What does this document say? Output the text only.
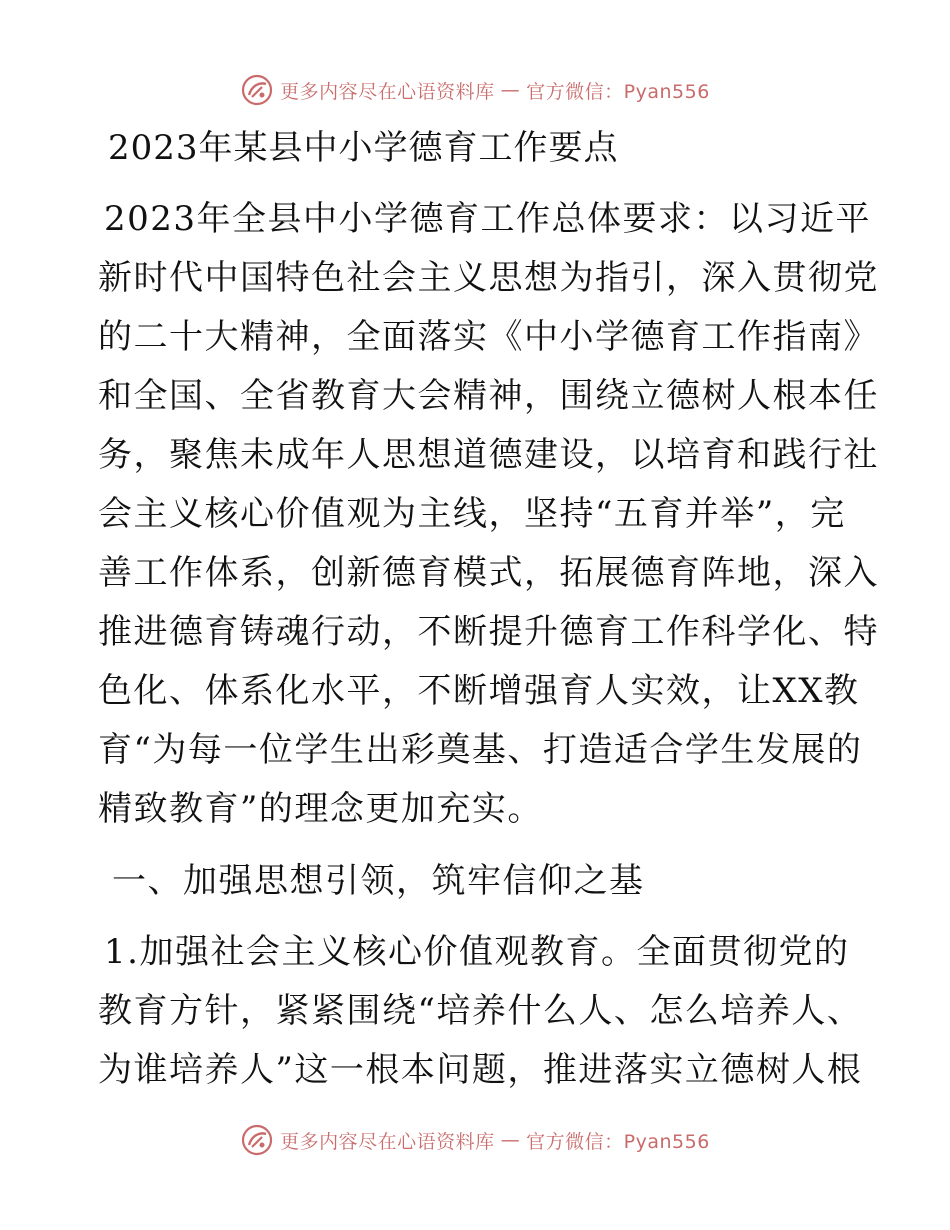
更多内容尽在心语资料库 — 官方微信：Pyan556
2023年某县中小学德育工作要点
2023年全县中小学德育工作总体要求：以习近平
新时代中国特色社会主义思想为指引，深入贯彻党
的二十大精神，全面落实《中小学德育工作指南》
和全国、全省教育大会精神，围绕立德树人根本任
务，聚焦未成年人思想道德建设，以培育和践行社
会主义核心价值观为主线，坚持“五育并举”，完
善工作体系，创新德育模式，拓展德育阵地，深入
推进德育铸魂行动，不断提升德育工作科学化、特
色化、体系化水平，不断增强育人实效，让XX教
育“为每一位学生出彩奠基、打造适合学生发展的
精致教育”的理念更加充实。
一、加强思想引领，筑牢信仰之基
1.加强社会主义核心价值观教育。全面贯彻党的
教育方针，紧紧围绕“培养什么人、怎么培养人、
为谁培养人”这一根本问题，推进落实立德树人根
更多内容尽在心语资料库 — 官方微信：Pyan556
